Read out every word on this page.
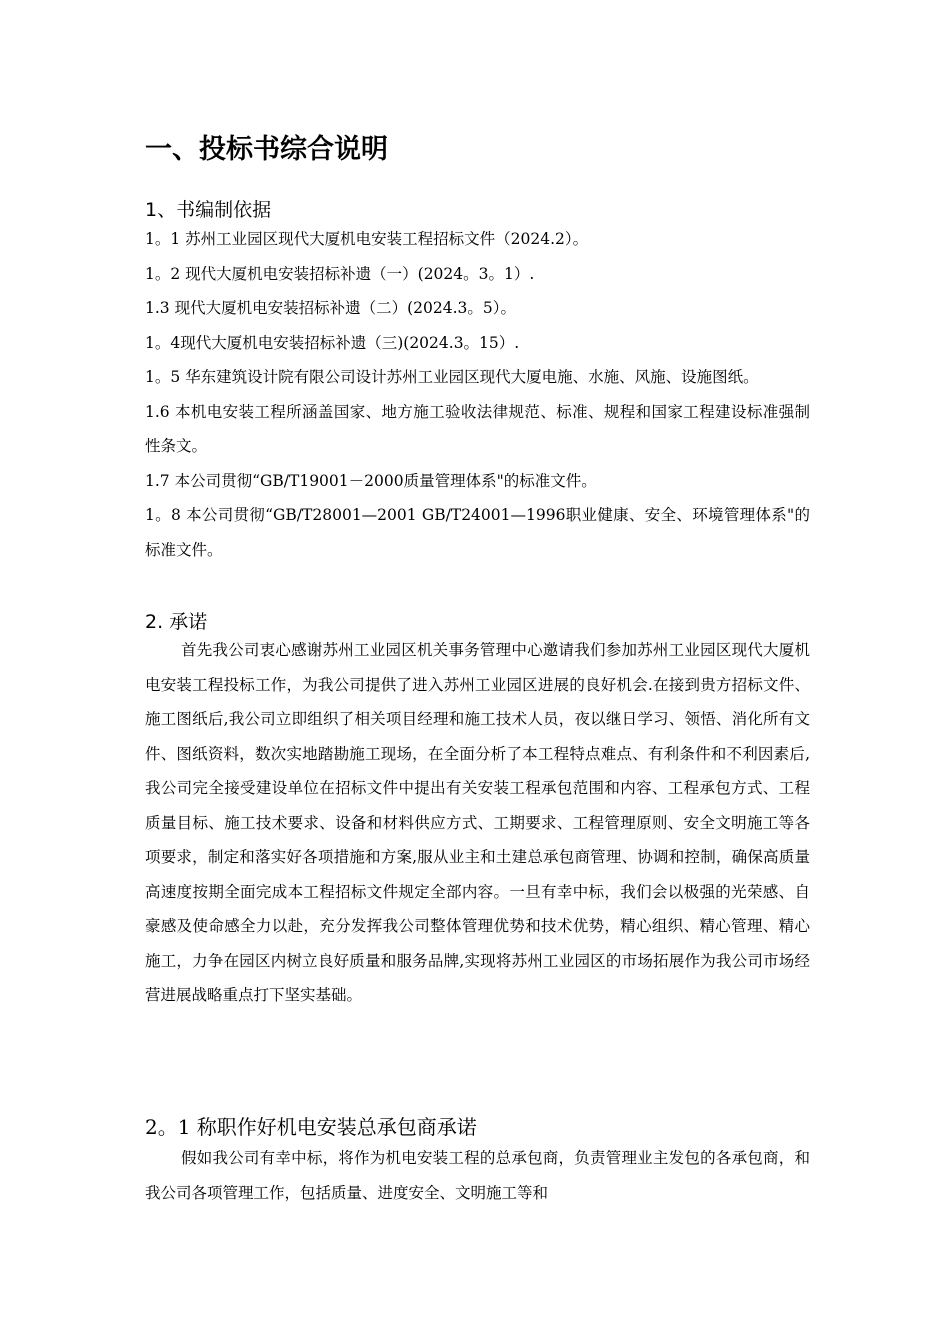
一、投标书综合说明
1、书编制依据
1。1 苏州工业园区现代大厦机电安装工程招标文件（2024.2）。
1。2 现代大厦机电安装招标补遗（一）(2024。3。1）.
1.3 现代大厦机电安装招标补遗（二）(2024.3。5）。
1。4现代大厦机电安装招标补遗（三)(2024.3。15）.
1。5 华东建筑设计院有限公司设计苏州工业园区现代大厦电施、水施、风施、设施图纸。
1.6 本机电安装工程所涵盖国家、地方施工验收法律规范、标准、规程和国家工程建设标准强制性条文。
1.7 本公司贯彻“GB/T19001－2000质量管理体系"的标准文件。
1。8 本公司贯彻“GB/T28001—2001 GB/T24001—1996职业健康、安全、环境管理体系"的标准文件。
2. 承诺
首先我公司衷心感谢苏州工业园区机关事务管理中心邀请我们参加苏州工业园区现代大厦机电安装工程投标工作，为我公司提供了进入苏州工业园区进展的良好机会.在接到贵方招标文件、施工图纸后,我公司立即组织了相关项目经理和施工技术人员，夜以继日学习、领悟、消化所有文件、图纸资料，数次实地踏勘施工现场，在全面分析了本工程特点难点、有利条件和不利因素后,我公司完全接受建设单位在招标文件中提出有关安装工程承包范围和内容、工程承包方式、工程质量目标、施工技术要求、设备和材料供应方式、工期要求、工程管理原则、安全文明施工等各项要求，制定和落实好各项措施和方案,服从业主和土建总承包商管理、协调和控制，确保高质量高速度按期全面完成本工程招标文件规定全部内容。一旦有幸中标，我们会以极强的光荣感、自豪感及使命感全力以赴，充分发挥我公司整体管理优势和技术优势，精心组织、精心管理、精心施工，力争在园区内树立良好质量和服务品牌,实现将苏州工业园区的市场拓展作为我公司市场经营进展战略重点打下坚实基础。
2。1 称职作好机电安装总承包商承诺
假如我公司有幸中标，将作为机电安装工程的总承包商，负责管理业主发包的各承包商，和我公司各项管理工作，包括质量、进度安全、文明施工等和
